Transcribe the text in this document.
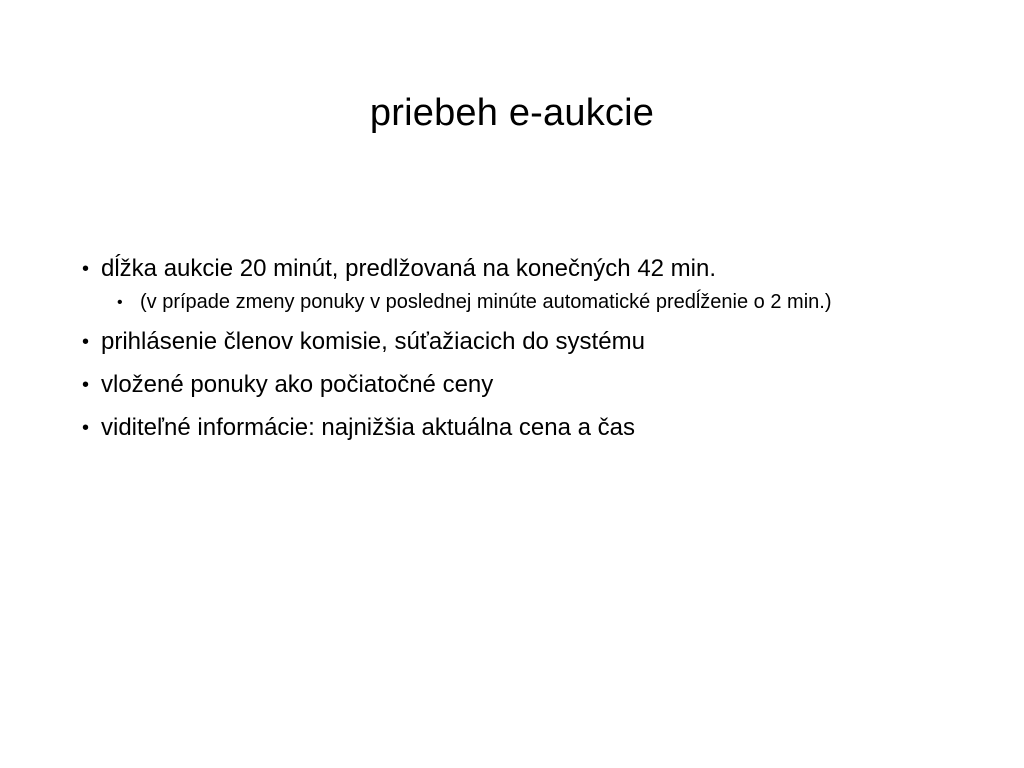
priebeh e-aukcie
• dĺžka aukcie 20 minút, predlžovaná na konečných 42 min.
• (v prípade zmeny ponuky v poslednej minúte automatické predĺženie o 2 min.)
• prihlásenie členov komisie, súťažiacich do systému
• vložené ponuky ako počiatočné ceny
• viditeľné informácie: najnižšia aktuálna cena a čas
